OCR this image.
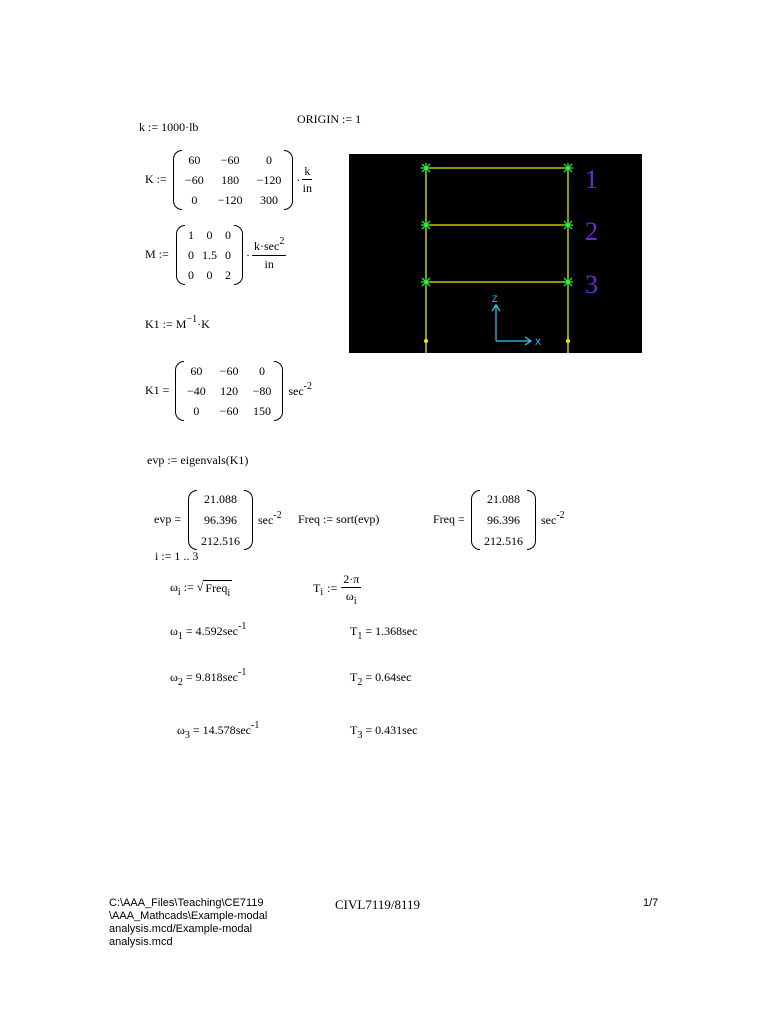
ORIGIN := 1
k := 1000·lb
K :=
60 −60	0
−60 180 −120
0	−120 300
· $\frac{k}{in}$
M :=
1	0	0
0 1.5 0
0	0	2
· $\frac{k\cdot\sec^2}{in}$
K1 := $M^{-1}\cdot K$
K1 =
60 −60	0
−40 120 −80
0	−60 150
$\sec^{-2}$
evp := eigenvals(K1)
evp =
21.088
96.396
212.516
$\sec^{-2}$ Freq := sort(evp)	Freq =
21.088
96.396
212.516
$\sec^{-2}$
i := 1 .. 3
$\omega_i$ := √ Freq$_i$	T i := $\frac{2\cdot\pi}{\omega_i}$
$\omega_1 = 4.592\sec^{-1}$	$T_1 = 1.368\sec$
$\omega_2 = 9.818\sec^{-1}$	$T_2 = 0.64\sec$
$\omega_3 = 14.578\sec^{-1}$	$T_3 = 0.431\sec$
Z
X
1
2
3
C:\AAA_Files\Teaching\CE7119
\AAA_Mathcads\Example-modal
analysis.mcd/Example-modal
analysis.mcd
CIVL7119/8119	1/7
